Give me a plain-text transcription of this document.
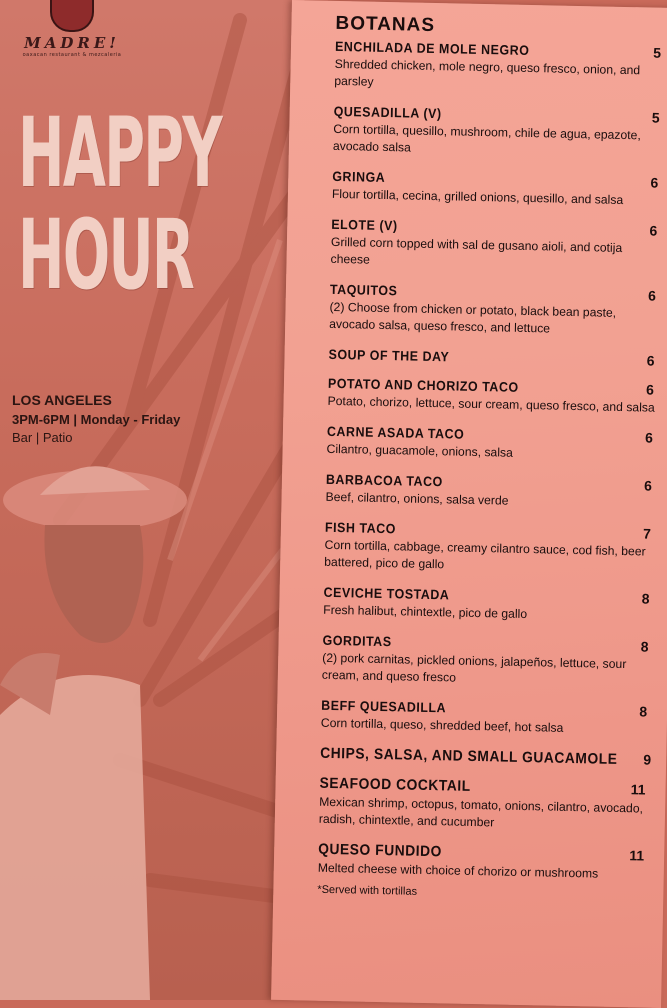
MADRE!
oaxacan restaurant & mezcaleria
HAPPY
HOUR
LOS ANGELES
3PM-6PM | Monday - Friday
Bar | Patio
BOTANAS
ENCHILADA DE MOLE NEGRO	5
Shredded chicken, mole negro, queso fresco, onion, and parsley
QUESADILLA (V)	5
Corn tortilla, quesillo, mushroom, chile de agua, epazote, avocado salsa
GRINGA	6
Flour tortilla, cecina, grilled onions, quesillo, and salsa
ELOTE (V)	6
Grilled corn topped with sal de gusano aioli, and cotija cheese
TAQUITOS	6
(2) Choose from chicken or potato, black bean paste, avocado salsa, queso fresco, and lettuce
SOUP OF THE DAY	6
POTATO AND CHORIZO TACO	6
Potato, chorizo, lettuce, sour cream, queso fresco, and salsa
CARNE ASADA TACO	6
Cilantro, guacamole, onions, salsa
BARBACOA TACO	6
Beef, cilantro, onions, salsa verde
FISH TACO	7
Corn tortilla, cabbage, creamy cilantro sauce, cod fish, beer battered, pico de gallo
CEVICHE TOSTADA	8
Fresh halibut, chintextle, pico de gallo
GORDITAS	8
(2) pork carnitas, pickled onions, jalapeños, lettuce, sour cream, and queso fresco
BEFF QUESADILLA	8
Corn tortilla, queso, shredded beef, hot salsa
CHIPS, SALSA, AND SMALL GUACAMOLE 9
SEAFOOD COCKTAIL	11
Mexican shrimp, octopus, tomato, onions, cilantro, avocado, radish, chintextle, and cucumber
QUESO FUNDIDO	11
Melted cheese with choice of chorizo or mushrooms
*Served with tortillas
